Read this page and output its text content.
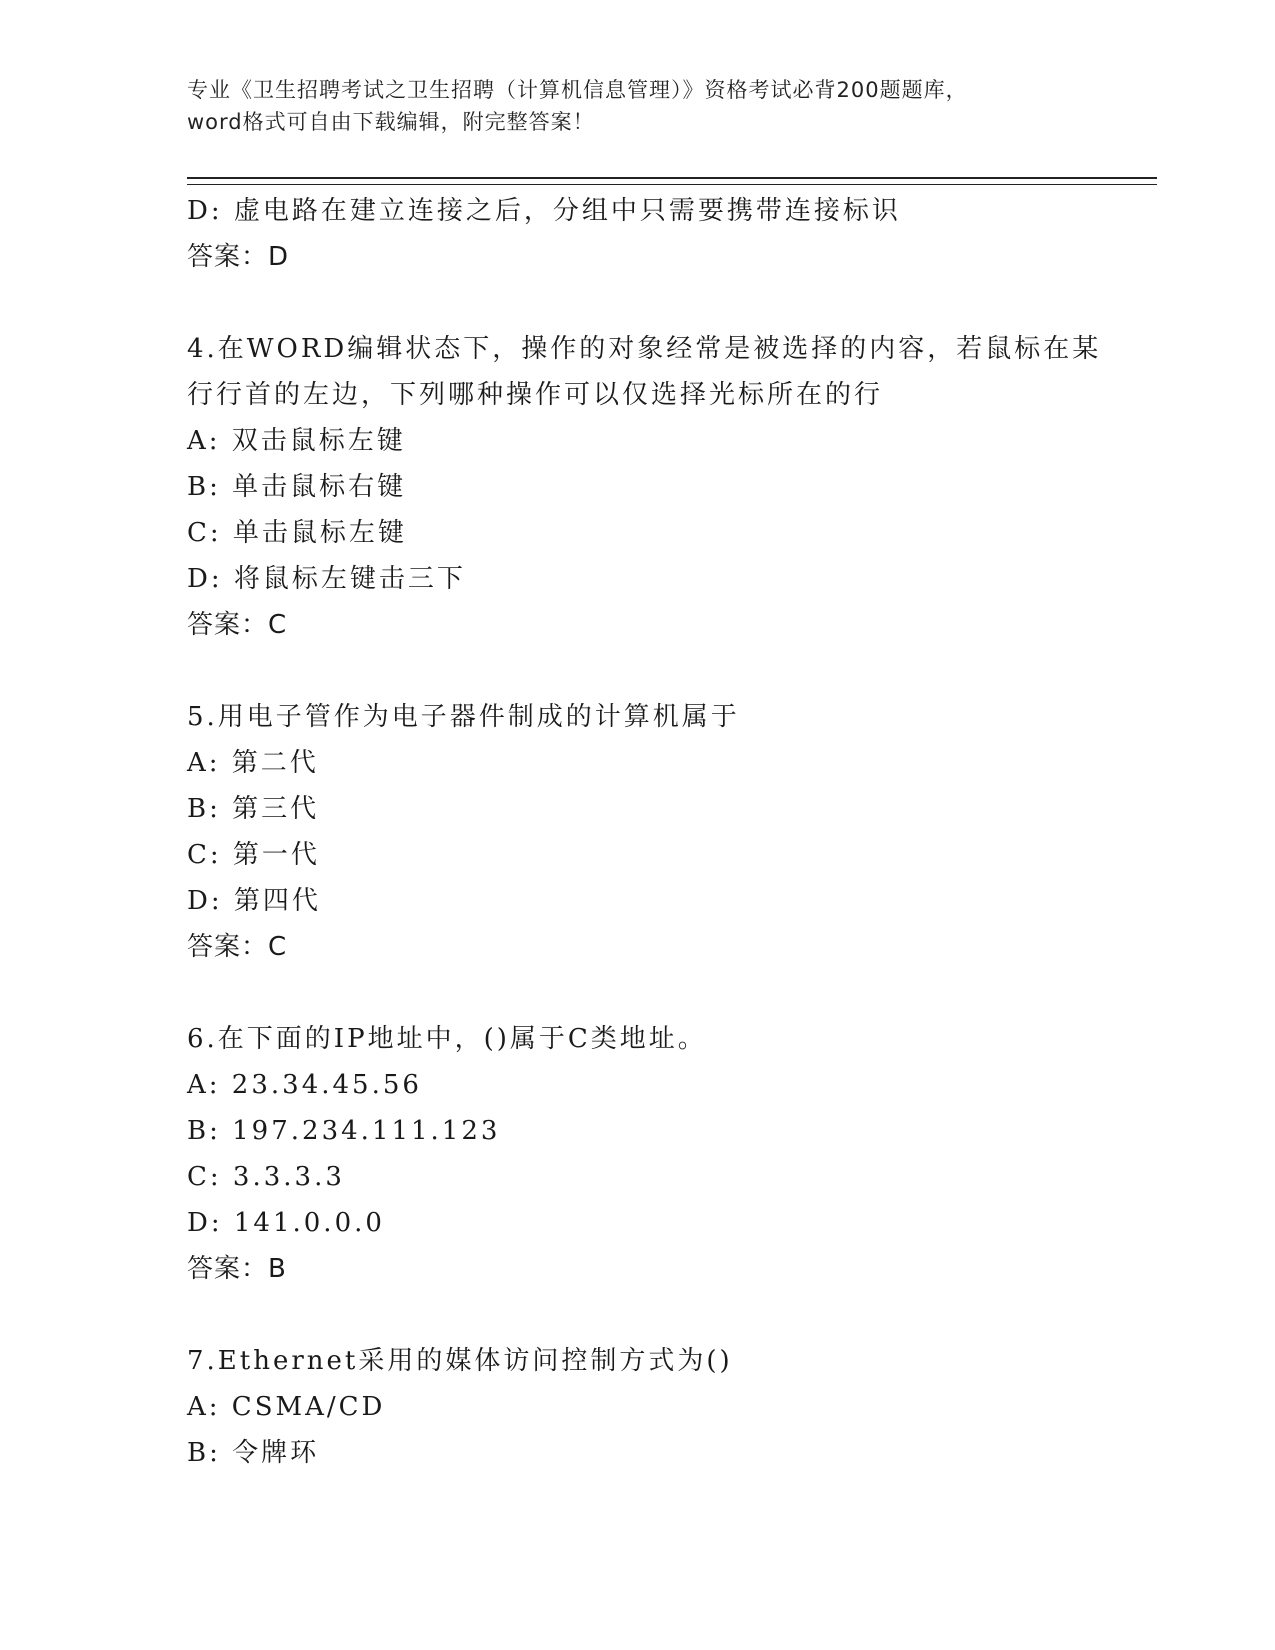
专业《卫生招聘考试之卫生招聘（计算机信息管理）》资格考试必背200题题库，
word格式可自由下载编辑，附完整答案！
D: 虚电路在建立连接之后，分组中只需要携带连接标识
答案：D
4.在WORD编辑状态下，操作的对象经常是被选择的内容，若鼠标在某
行行首的左边，下列哪种操作可以仅选择光标所在的行
A: 双击鼠标左键
B: 单击鼠标右键
C: 单击鼠标左键
D: 将鼠标左键击三下
答案：C
5.用电子管作为电子器件制成的计算机属于
A: 第二代
B: 第三代
C: 第一代
D: 第四代
答案：C
6.在下面的IP地址中，()属于C类地址。
A: 23.34.45.56
B: 197.234.111.123
C: 3.3.3.3
D: 141.0.0.0
答案：B
7.Ethernet采用的媒体访问控制方式为()
A: CSMA/CD
B: 令牌环
